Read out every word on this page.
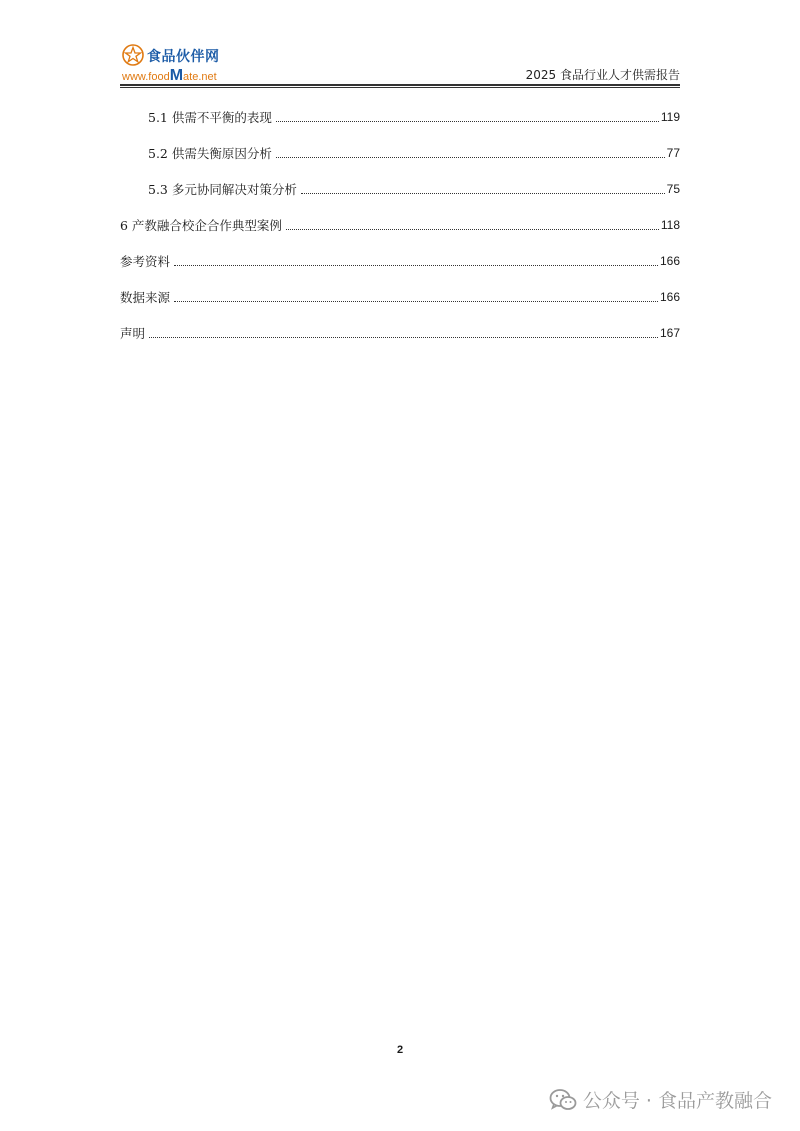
食品伙伴网
www.foodMate.net	2025 食品行业人才供需报告
5.1 供需不平衡的表现	119
5.2 供需失衡原因分析	77
5.3 多元协同解决对策分析	75
6 产教融合校企合作典型案例	118
参考资料	166
数据来源	166
声明	167
2
公众号 · 食品产教融合
